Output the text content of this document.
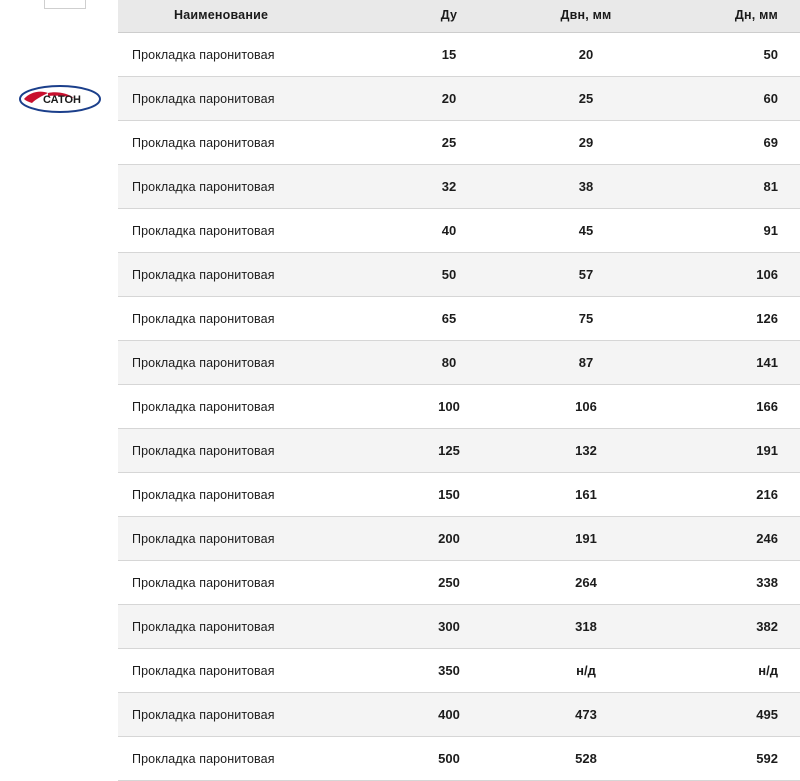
САТОН
Наименование	Ду	Двн, мм	Дн, мм
Прокладка паронитовая	15	20	50
Прокладка паронитовая	20	25	60
Прокладка паронитовая	25	29	69
Прокладка паронитовая	32	38	81
Прокладка паронитовая	40	45	91
Прокладка паронитовая	50	57	106
Прокладка паронитовая	65	75	126
Прокладка паронитовая	80	87	141
Прокладка паронитовая	100	106	166
Прокладка паронитовая	125	132	191
Прокладка паронитовая	150	161	216
Прокладка паронитовая	200	191	246
Прокладка паронитовая	250	264	338
Прокладка паронитовая	300	318	382
Прокладка паронитовая	350	н/д	н/д
Прокладка паронитовая	400	473	495
Прокладка паронитовая	500	528	592
